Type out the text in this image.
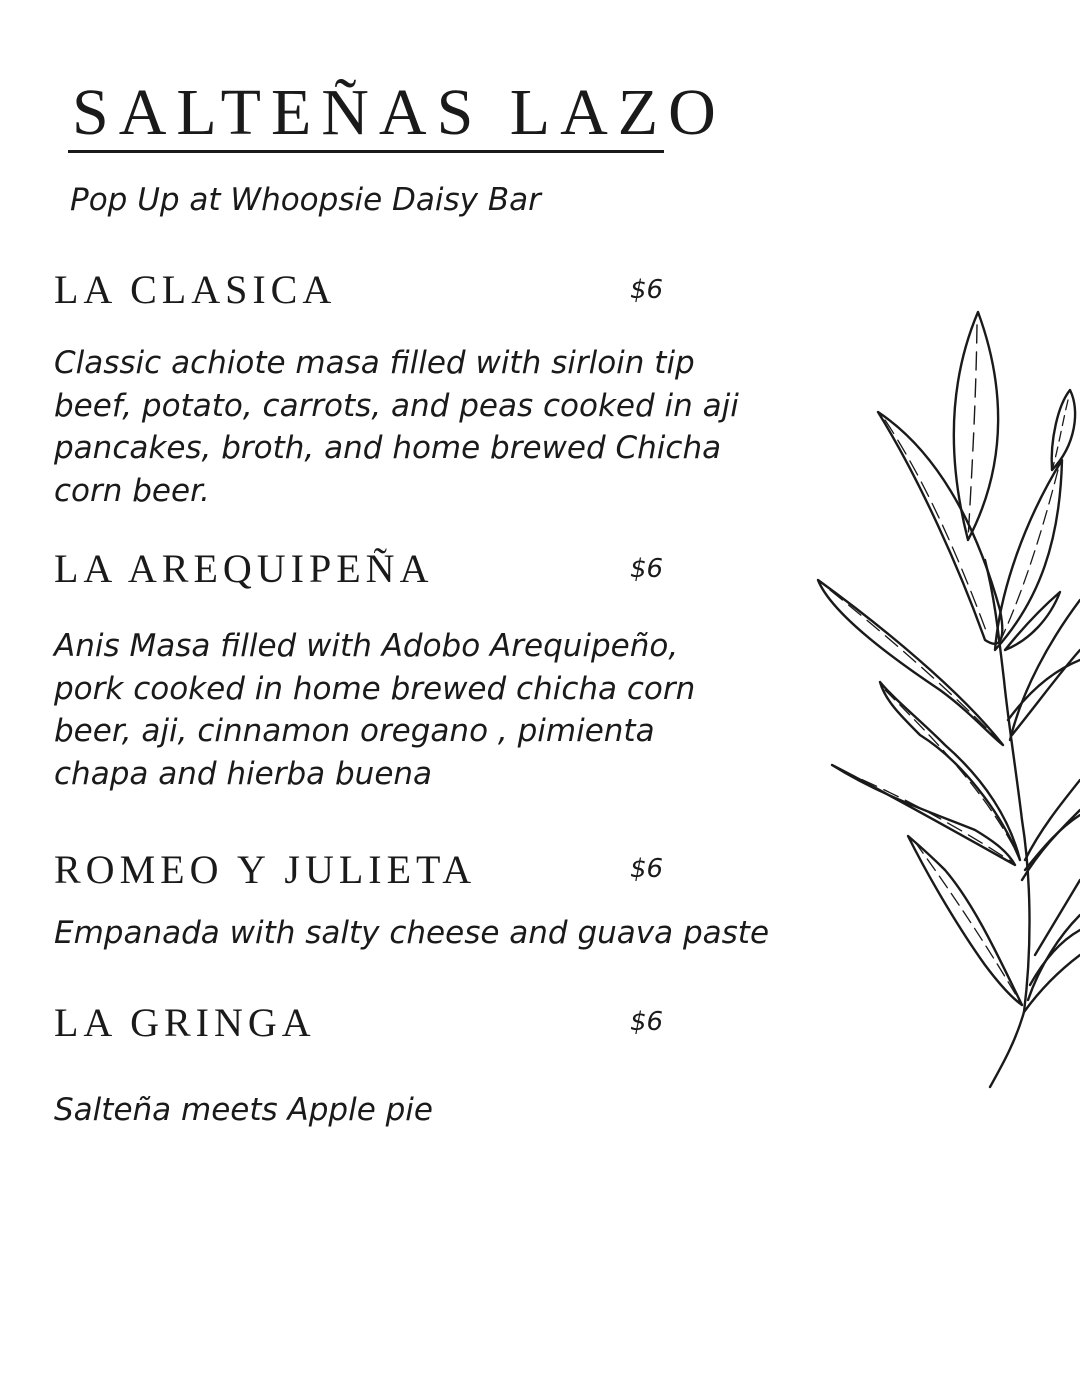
SALTEÑAS LAZO
Pop Up at Whoopsie Daisy Bar
LA CLASICA	$6
Classic achiote masa filled with sirloin tip beef, potato, carrots, and peas cooked in aji pancakes, broth, and home brewed Chicha corn beer.
LA AREQUIPEÑA	$6
Anis Masa filled with Adobo Arequipeño, pork cooked in home brewed chicha corn beer, aji, cinnamon oregano , pimienta chapa and hierba buena
ROMEO Y JULIETA	$6
Empanada with salty cheese and guava paste
LA GRINGA	$6
Salteña meets Apple pie
